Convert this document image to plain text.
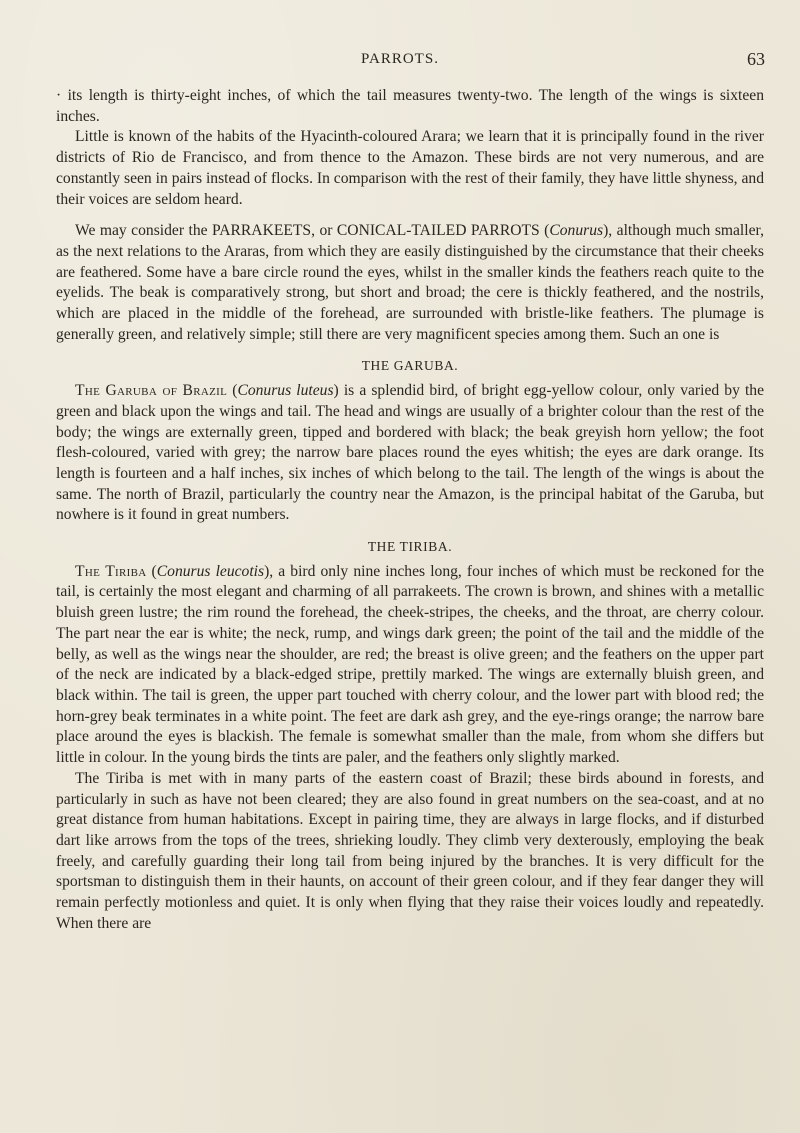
PARROTS.	63

· its length is thirty-eight inches, of which the tail measures twenty-two. The length of the wings is sixteen inches.

Little is known of the habits of the Hyacinth-coloured Arara; we learn that it is principally found in the river districts of Rio de Francisco, and from thence to the Amazon. These birds are not very numerous, and are constantly seen in pairs instead of flocks. In comparison with the rest of their family, they have little shyness, and their voices are seldom heard.

We may consider the PARRAKEETS, or CONICAL-TAILED PARROTS (Conurus), although much smaller, as the next relations to the Araras, from which they are easily distinguished by the circumstance that their cheeks are feathered. Some have a bare circle round the eyes, whilst in the smaller kinds the feathers reach quite to the eyelids. The beak is comparatively strong, but short and broad; the cere is thickly feathered, and the nostrils, which are placed in the middle of the forehead, are surrounded with bristle-like feathers. The plumage is generally green, and relatively simple; still there are very magnificent species among them. Such an one is

THE GARUBA.

The Garuba of Brazil (Conurus luteus) is a splendid bird, of bright egg-yellow colour, only varied by the green and black upon the wings and tail. The head and wings are usually of a brighter colour than the rest of the body; the wings are externally green, tipped and bordered with black; the beak greyish horn yellow; the foot flesh-coloured, varied with grey; the narrow bare places round the eyes whitish; the eyes are dark orange. Its length is fourteen and a half inches, six inches of which belong to the tail. The length of the wings is about the same. The north of Brazil, particularly the country near the Amazon, is the principal habitat of the Garuba, but nowhere is it found in great numbers.

THE TIRIBA.

The Tiriba (Conurus leucotis), a bird only nine inches long, four inches of which must be reckoned for the tail, is certainly the most elegant and charming of all parrakeets. The crown is brown, and shines with a metallic bluish green lustre; the rim round the forehead, the cheek-stripes, the cheeks, and the throat, are cherry colour. The part near the ear is white; the neck, rump, and wings dark green; the point of the tail and the middle of the belly, as well as the wings near the shoulder, are red; the breast is olive green; and the feathers on the upper part of the neck are indicated by a black-edged stripe, prettily marked. The wings are externally bluish green, and black within. The tail is green, the upper part touched with cherry colour, and the lower part with blood red; the horn-grey beak terminates in a white point. The feet are dark ash grey, and the eye-rings orange; the narrow bare place around the eyes is blackish. The female is somewhat smaller than the male, from whom she differs but little in colour. In the young birds the tints are paler, and the feathers only slightly marked.

The Tiriba is met with in many parts of the eastern coast of Brazil; these birds abound in forests, and particularly in such as have not been cleared; they are also found in great numbers on the sea-coast, and at no great distance from human habitations. Except in pairing time, they are always in large flocks, and if disturbed dart like arrows from the tops of the trees, shrieking loudly. They climb very dexterously, employing the beak freely, and carefully guarding their long tail from being injured by the branches. It is very difficult for the sportsman to distinguish them in their haunts, on account of their green colour, and if they fear danger they will remain perfectly motionless and quiet. It is only when flying that they raise their voices loudly and repeatedly. When there are
